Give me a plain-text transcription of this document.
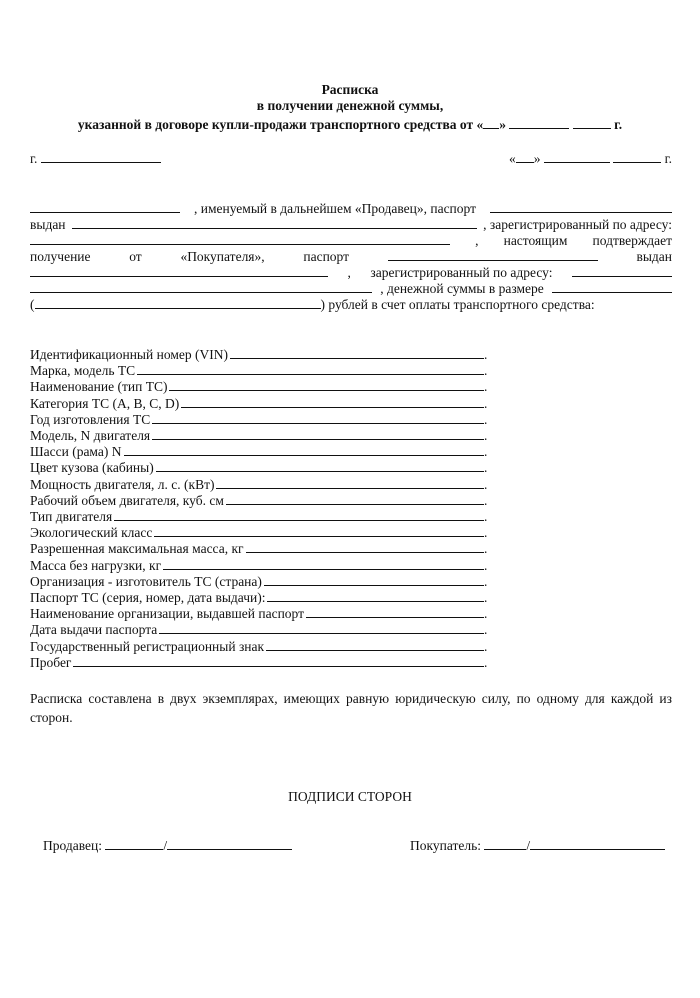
Расписка
в получении денежной суммы,
указанной в договоре купли-продажи транспортного средства от « »	г.
г.	« »	г.
, именуемый в дальнейшем «Продавец», паспорт
выдан	, зарегистрированный по адресу:
, настоящим подтверждает
получение	от	«Покупателя»,	паспорт	выдан
, зарегистрированный по адресу:
, денежной суммы в размере
(	) рублей в счет оплаты транспортного средства:
Идентификационный номер (VIN)	.
Марка, модель ТС	.
Наименование (тип ТС)	.
Категория ТС (A, B, C, D)	.
Год изготовления ТС	.
Модель, N двигателя	.
Шасси (рама) N	.
Цвет кузова (кабины)	.
Мощность двигателя, л. с. (кВт)	.
Рабочий объем двигателя, куб. см	.
Тип двигателя	.
Экологический класс	.
Разрешенная максимальная масса, кг	.
Масса без нагрузки, кг	.
Организация - изготовитель ТС (страна)	.
Паспорт ТС (серия, номер, дата выдачи):	.
Наименование организации, выдавшей паспорт	.
Дата выдачи паспорта	.
Государственный регистрационный знак	.
Пробег	.
Расписка составлена в двух экземплярах, имеющих равную юридическую силу, по одному для каждой из сторон.
ПОДПИСИ СТОРОН
Продавец:	/	Покупатель:	/
